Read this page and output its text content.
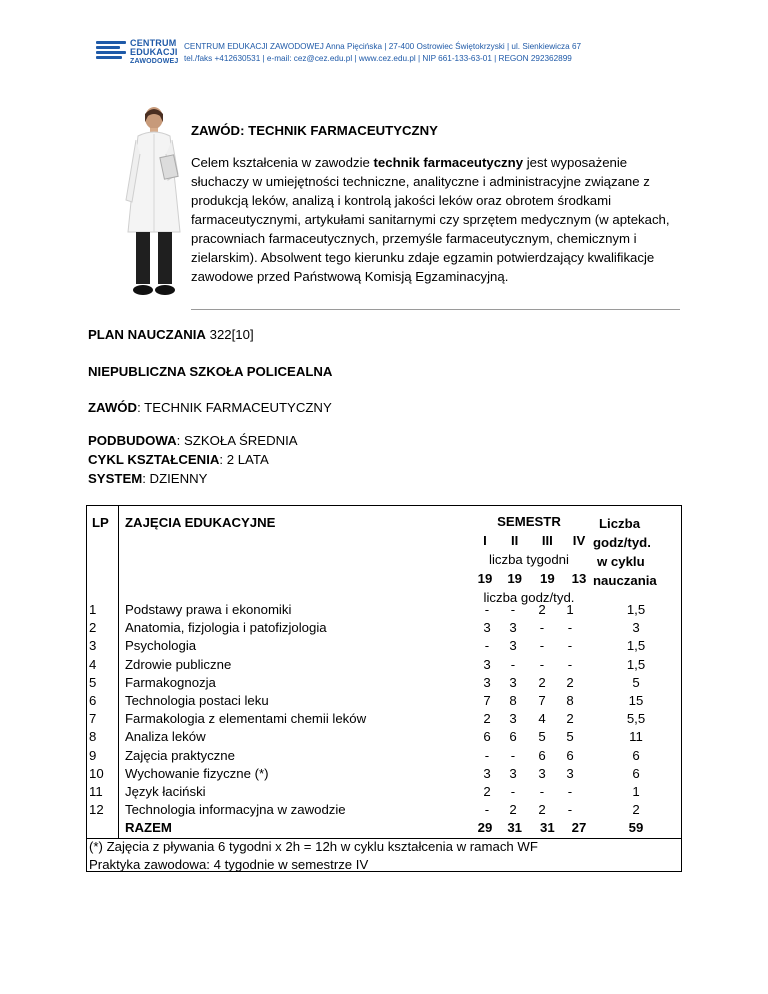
CENTRUM
EDUKACJI
ZAWODOWEJ
CENTRUM EDUKACJI ZAWODOWEJ Anna Pięcińska | 27-400 Ostrowiec Świętokrzyski | ul. Sienkiewicza 67
tel./faks +412630531 | e-mail: cez@cez.edu.pl | www.cez.edu.pl | NIP 661-133-63-01 | REGON 292362899
ZAWÓD: TECHNIK FARMACEUTYCZNY
Celem kształcenia w zawodzie technik farmaceutyczny jest wyposażenie słuchaczy w umiejętności techniczne, analityczne i administracyjne związane z produkcją leków, analizą i kontrolą jakości leków oraz obrotem środkami farmaceutycznymi, artykułami sanitarnymi czy sprzętem medycznym (w aptekach, pracowniach farmaceutycznych, przemyśle farmaceutycznym, chemicznym i zielarskim). Absolwent tego kierunku zdaje egzamin potwierdzający kwalifikacje zawodowe przed Państwową Komisją Egzaminacyjną.
PLAN NAUCZANIA 322[10]
NIEPUBLICZNA SZKOŁA POLICEALNA
ZAWÓD: TECHNIK FARMACEUTYCZNY
PODBUDOWA: SZKOŁA ŚREDNIA
CYKL KSZTAŁCENIA: 2 LATA
SYSTEM: DZIENNY
LP ZAJĘCIA EDUKACYJNE	SEMESTR
I II III IV
liczba tygodni
19 19 19 13
liczba godz/tyd.
Liczba
godz/tyd.
w cyklu
nauczania
1 Podstawy prawa i ekonomiki	- - 2 1	1,5
2 Anatomia, fizjologia i patofizjologia	3 3 - -	3
3 Psychologia	- 3 - -	1,5
4 Zdrowie publiczne	3 - - -	1,5
5 Farmakognozja	3 3 2 2	5
6 Technologia postaci leku	7 8 7 8	15
7 Farmakologia z elementami chemii leków	2 3 4 2	5,5
8 Analiza leków	6 6 5 5	11
9 Zajęcia praktyczne	- - 6 6	6
10 Wychowanie fizyczne (*)	3 3 3 3	6
11 Język łaciński	2 - - -	1
12 Technologia informacyjna w zawodzie	- 2 2 -	2
RAZEM	29 31 31 27	59
(*) Zajęcia z pływania 6 tygodni x 2h = 12h w cyklu kształcenia w ramach WF
Praktyka zawodowa: 4 tygodnie w semestrze IV
